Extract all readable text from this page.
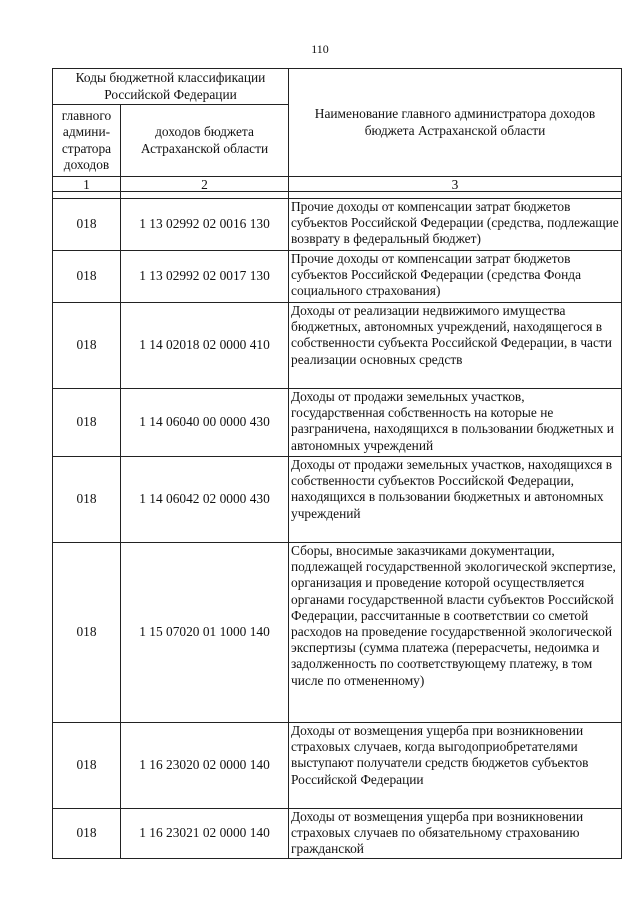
110
Коды бюджетной классификации Российской Федерации		Наименование главного администратора доходов бюджета Астраханской области
главного админи-стратора доходов	доходов бюджета Астраханской области	
1	2	3

018	1 13 02992 02 0016 130	Прочие доходы от компенсации затрат бюджетов субъектов Российской Федерации (средства, подлежащие возврату в федеральный бюджет)
018	1 13 02992 02 0017 130	Прочие доходы от компенсации затрат бюджетов субъектов Российской Федерации (средства Фонда социального страхования)
018	1 14 02018 02 0000 410	Доходы от реализации недвижимого имущества бюджетных, автономных учреждений, находящегося в собственности субъекта Российской Федерации, в части реализации основных средств
018	1 14 06040 00 0000 430	Доходы от продажи земельных участков, государственная собственность на которые не разграничена, находящихся в пользовании бюджетных и автономных учреждений
018	1 14 06042 02 0000 430	Доходы от продажи земельных участков, находящихся в собственности субъектов Российской Федерации, находящихся в пользовании бюджетных и автономных учреждений
018	1 15 07020 01 1000 140	Сборы, вносимые заказчиками документации, подлежащей государственной экологической экспертизе, организация и проведение которой осуществляется органами государственной власти субъектов Российской Федерации, рассчитанные в соответствии со сметой расходов на проведение государственной экологической экспертизы (сумма платежа (перерасчеты, недоимка и задолженность по соответствующему платежу, в том числе по отмененному)
018	1 16 23020 02 0000 140	Доходы от возмещения ущерба при возникновении страховых случаев, когда выгодоприобретателями выступают получатели средств бюджетов субъектов Российской Федерации
018	1 16 23021 02 0000 140	Доходы от возмещения ущерба при возникновении страховых случаев по обязательному страхованию гражданской
